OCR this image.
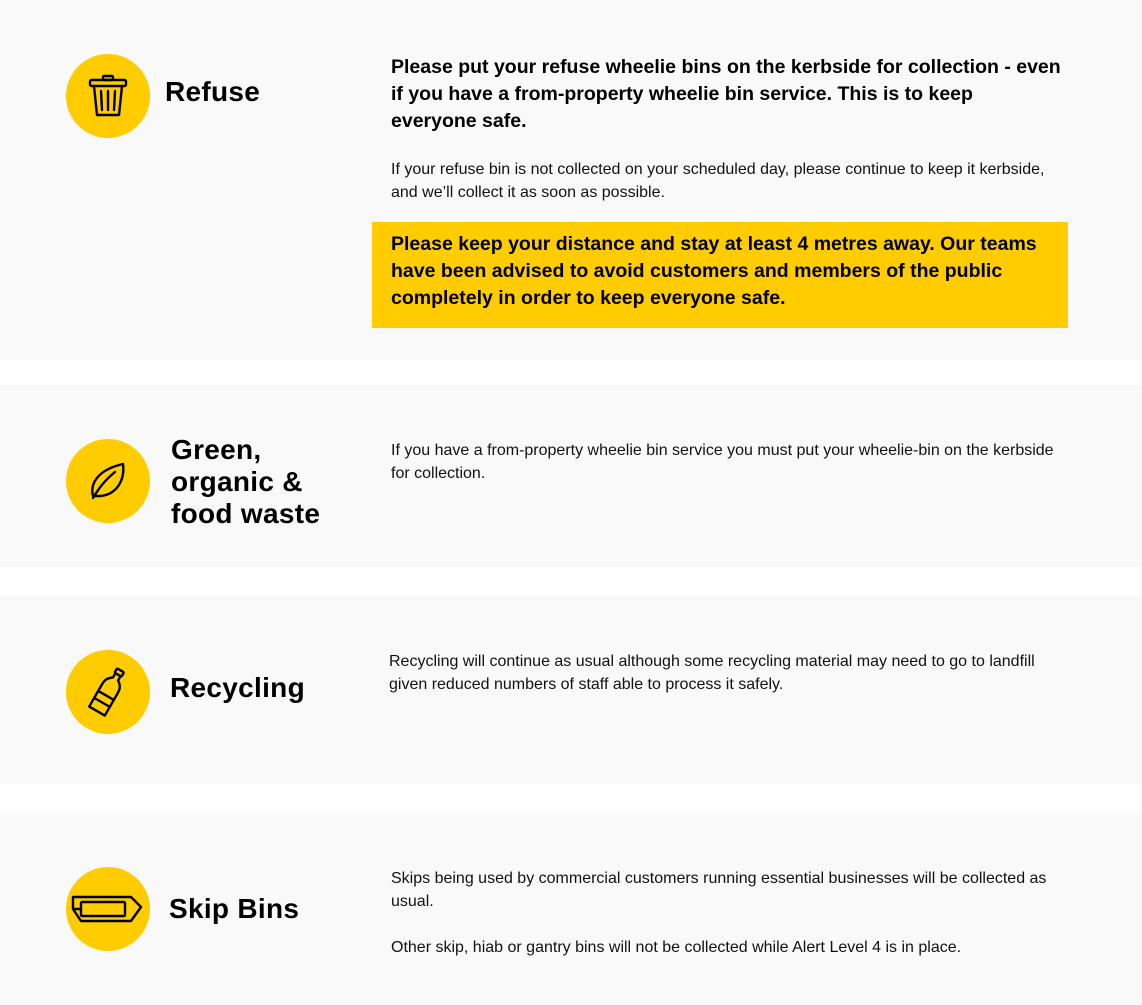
Refuse

Please put your refuse wheelie bins on the kerbside for collection - even if you have a from-property wheelie bin service. This is to keep everyone safe.

If your refuse bin is not collected on your scheduled day, please continue to keep it kerbside, and we’ll collect it as soon as possible.

Please keep your distance and stay at least 4 metres away. Our teams have been advised to avoid customers and members of the public completely in order to keep everyone safe.

Green, organic & food waste

If you have a from-property wheelie bin service you must put your wheelie-bin on the kerbside for collection.

Recycling

Recycling will continue as usual although some recycling material may need to go to landfill given reduced numbers of staff able to process it safely.

Skip Bins

Skips being used by commercial customers running essential businesses will be collected as usual.

Other skip, hiab or gantry bins will not be collected while Alert Level 4 is in place.
